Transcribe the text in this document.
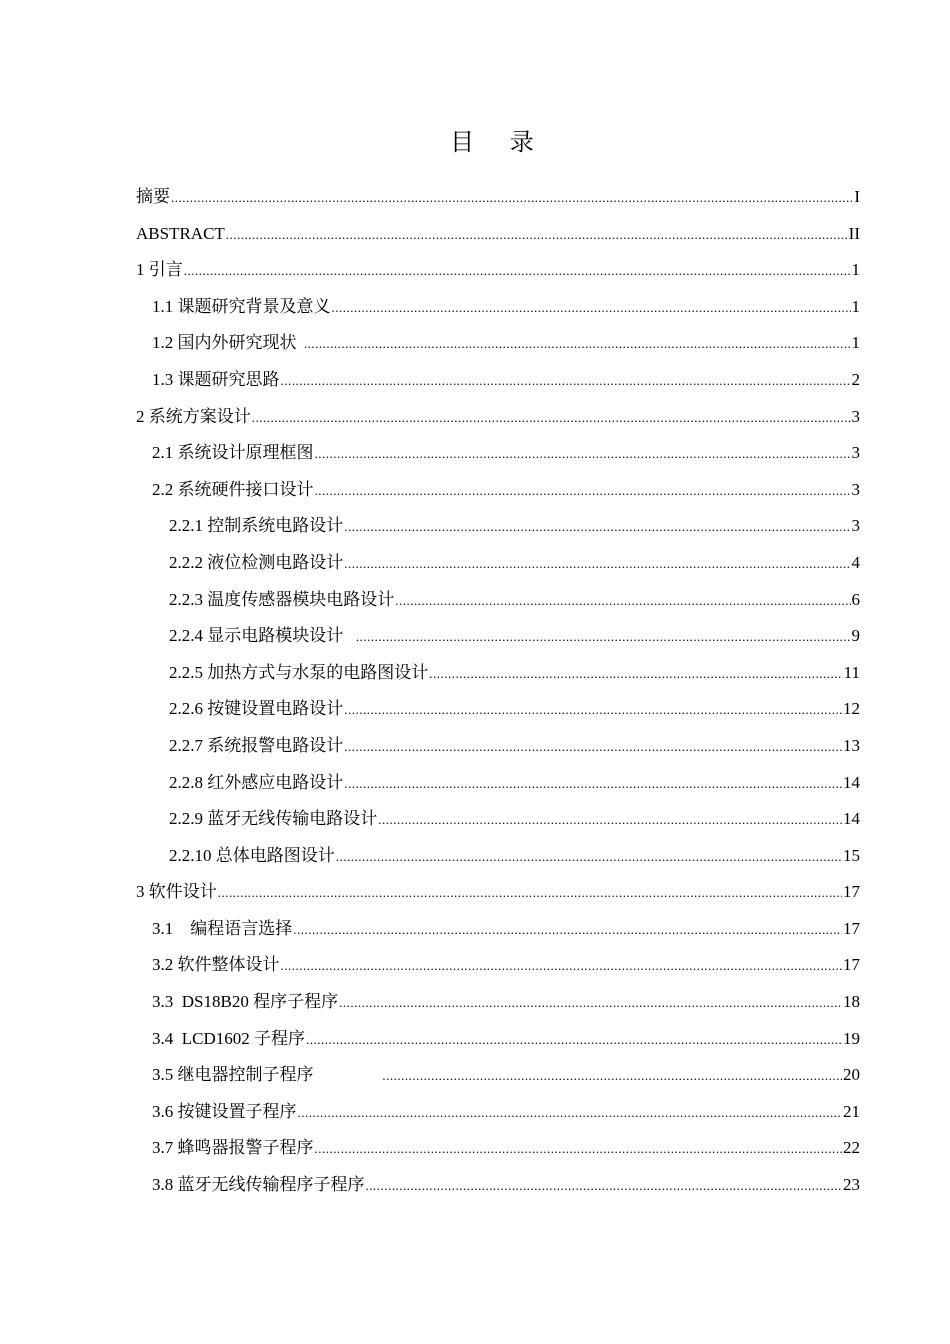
目 录
摘要 .....	I
ABSTRACT .....	II
1 引言 .....	1
1.1 课题研究背景及意义 .....	1
1.2 国内外研究现状 .....	1
1.3 课题研究思路 .....	2
2 系统方案设计 .....	3
2.1 系统设计原理框图 .....	3
2.2 系统硬件接口设计 .....	3
2.2.1 控制系统电路设计 .....	3
2.2.2 液位检测电路设计 .....	4
2.2.3 温度传感器模块电路设计 .....	6
2.2.4 显示电路模块设计 .....	9
2.2.5 加热方式与水泵的电路图设计 .....	11
2.2.6 按键设置电路设计 .....	12
2.2.7 系统报警电路设计 .....	13
2.2.8 红外感应电路设计 .....	14
2.2.9 蓝牙无线传输电路设计 .....	14
2.2.10 总体电路图设计 .....	15
3 软件设计 .....	17
3.1    编程语言选择 .....	17
3.2 软件整体设计 .....	17
3.3  DS18B20 程序子程序 .....	18
3.4  LCD1602 子程序 .....	19
3.5 继电器控制子程序 .....	20
3.6 按键设置子程序 .....	21
3.7 蜂鸣器报警子程序 .....	22
3.8 蓝牙无线传输程序子程序 .....	23
